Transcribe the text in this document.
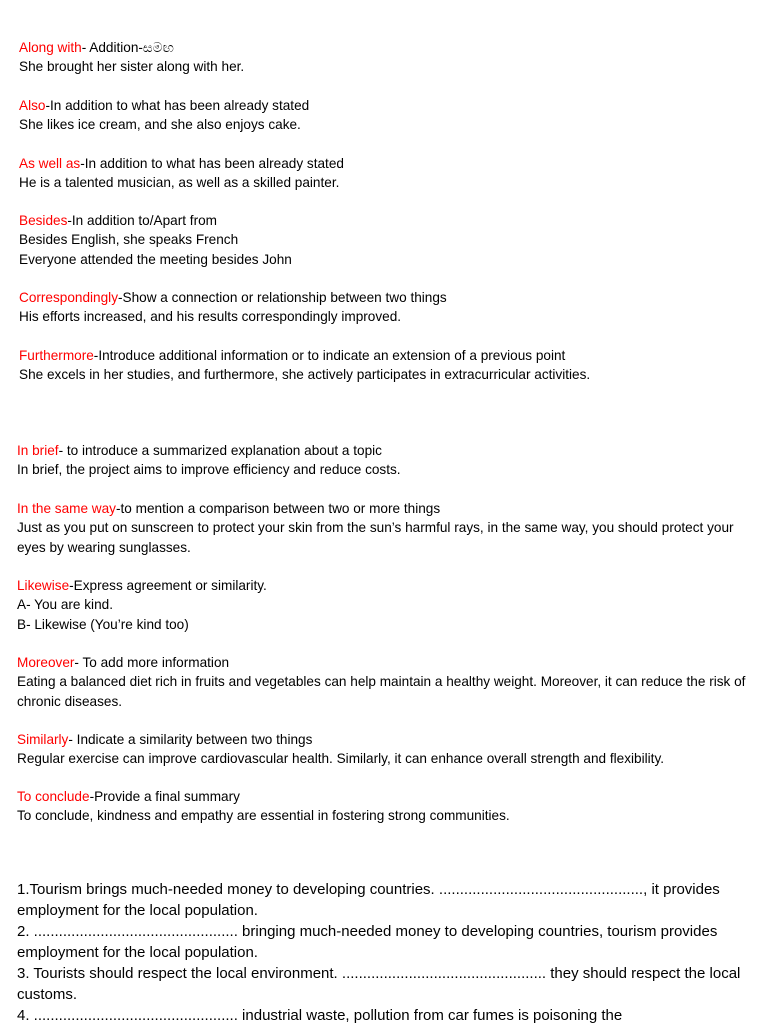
Along with- Addition-සමඟ
She brought her sister along with her.
Also-In addition to what has been already stated
She likes ice cream, and she also enjoys cake.
As well as-In addition to what has been already stated
He is a talented musician, as well as a skilled painter.
Besides-In addition to/Apart from
Besides English, she speaks French
Everyone attended the meeting besides John
Correspondingly-Show a connection or relationship between two things
His efforts increased, and his results correspondingly improved.
Furthermore-Introduce additional information or to indicate an extension of a previous point
She excels in her studies, and furthermore, she actively participates in extracurricular activities.
In brief- to introduce a summarized explanation about a topic
In brief, the project aims to improve efficiency and reduce costs.
In the same way-to mention a comparison between two or more things
Just as you put on sunscreen to protect your skin from the sun’s harmful rays, in the same way, you should protect your eyes by wearing sunglasses.
Likewise-Express agreement or similarity.
A- You are kind.
B- Likewise (You’re kind too)
Moreover- To add more information
Eating a balanced diet rich in fruits and vegetables can help maintain a healthy weight. Moreover, it can reduce the risk of chronic diseases.
Similarly- Indicate a similarity between two things
Regular exercise can improve cardiovascular health. Similarly, it can enhance overall strength and flexibility.
To conclude-Provide a final summary
To conclude, kindness and empathy are essential in fostering strong communities.
1.Tourism brings much-needed money to developing countries. ................................................., it provides employment for the local population.
2. ................................................. bringing much-needed money to developing countries, tourism provides employment for the local population.
3. Tourists should respect the local environment. ................................................. they should respect the local customs.
4. ................................................. industrial waste, pollution from car fumes is poisoning the
